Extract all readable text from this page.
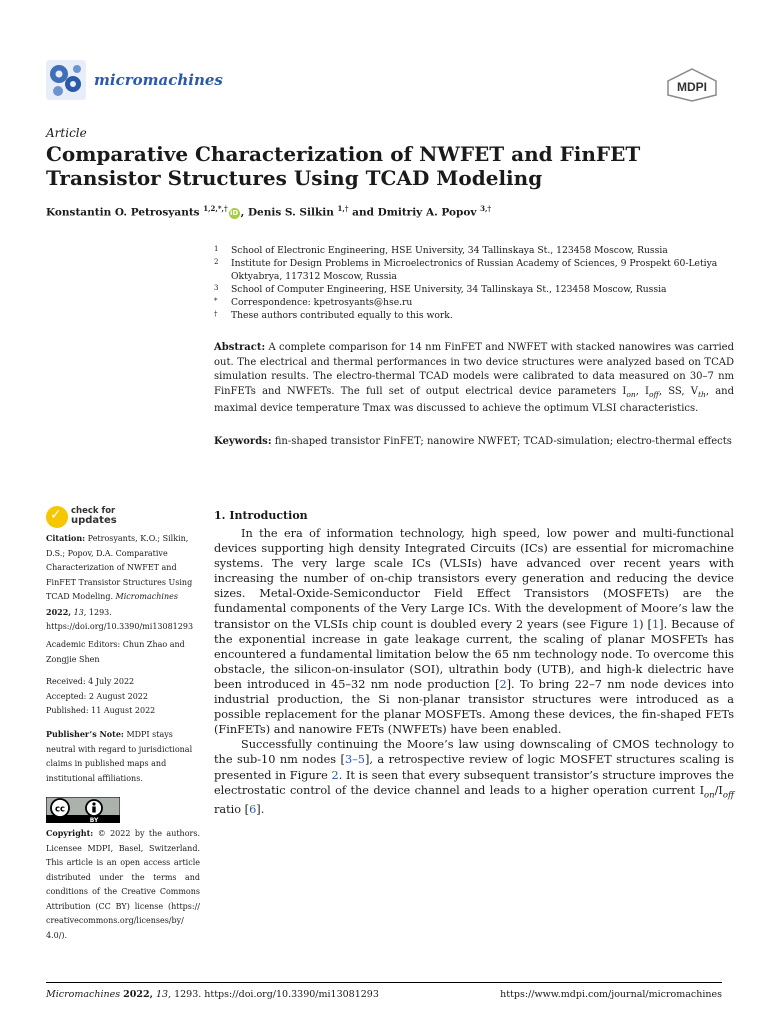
micromachines	MDPI
Article
Comparative Characterization of NWFET and FinFET Transistor Structures Using TCAD Modeling
Konstantin O. Petrosyants $^{1,2,*,\dagger}$ iD , Denis S. Silkin $^{1,\dagger}$ and Dmitriy A. Popov $^{3,\dagger}$
1	School of Electronic Engineering, HSE University, 34 Tallinskaya St., 123458 Moscow, Russia
2	Institute for Design Problems in Microelectronics of Russian Academy of Sciences, 9 Prospekt 60-Letiya Oktyabrya, 117312 Moscow, Russia
3	School of Computer Engineering, HSE University, 34 Tallinskaya St., 123458 Moscow, Russia
*	Correspondence: kpetrosyants@hse.ru
†	These authors contributed equally to this work.
Abstract: A complete comparison for 14 nm FinFET and NWFET with stacked nanowires was carried out. The electrical and thermal performances in two device structures were analyzed based on TCAD simulation results. The electro-thermal TCAD models were calibrated to data measured on 30–7 nm FinFETs and NWFETs. The full set of output electrical device parameters $I_{on}$, $I_{off}$, SS, $V_{th}$, and maximal device temperature Tmax was discussed to achieve the optimum VLSI characteristics.
Keywords: fin-shaped transistor FinFET; nanowire NWFET; TCAD-simulation; electro-thermal effects
✓ check for
updates
Citation: Petrosyants, K.O.; Silkin, D.S.; Popov, D.A. Comparative Characterization of NWFET and FinFET Transistor Structures Using TCAD Modeling. Micromachines 2022, 13, 1293. https://doi.org/10.3390/mi13081293
Academic Editors: Chun Zhao and Zongjie Shen
Received: 4 July 2022
Accepted: 2 August 2022
Published: 11 August 2022
Publisher’s Note: MDPI stays neutral with regard to jurisdictional claims in published maps and institutional affiliations.
cc
BY
Copyright: © 2022 by the authors. Licensee MDPI, Basel, Switzerland. This article is an open access article distributed under the terms and conditions of the Creative Commons Attribution (CC BY) license (https:// creativecommons.org/licenses/by/ 4.0/).
1. Introduction

In the era of information technology, high speed, low power and multi-functional devices supporting high density Integrated Circuits (ICs) are essential for micromachine systems. The very large scale ICs (VLSIs) have advanced over recent years with increasing the number of on-chip transistors every generation and reducing the device sizes. Metal-Oxide-Semiconductor Field Effect Transistors (MOSFETs) are the fundamental components of the Very Large ICs. With the development of Moore’s law the transistor on the VLSIs chip count is doubled every 2 years (see Figure 1) [1]. Because of the exponential increase in gate leakage current, the scaling of planar MOSFETs has encountered a fundamental limitation below the 65 nm technology node. To overcome this obstacle, the silicon-on-insulator (SOI), ultrathin body (UTB), and high-k dielectric have been introduced in 45–32 nm node production [2]. To bring 22–7 nm node devices into industrial production, the Si non-planar transistor structures were introduced as a possible replacement for the planar MOSFETs. Among these devices, the fin-shaped FETs (FinFETs) and nanowire FETs (NWFETs) have been enabled.

Successfully continuing the Moore’s law using downscaling of CMOS technology to the sub-10 nm nodes [3–5], a retrospective review of logic MOSFET structures scaling is presented in Figure 2. It is seen that every subsequent transistor’s structure improves the electrostatic control of the device channel and leads to a higher operation current $I_{on}/I_{off}$ ratio [6].

Micromachines 2022, 13, 1293. https://doi.org/10.3390/mi13081293	https://www.mdpi.com/journal/micromachines
